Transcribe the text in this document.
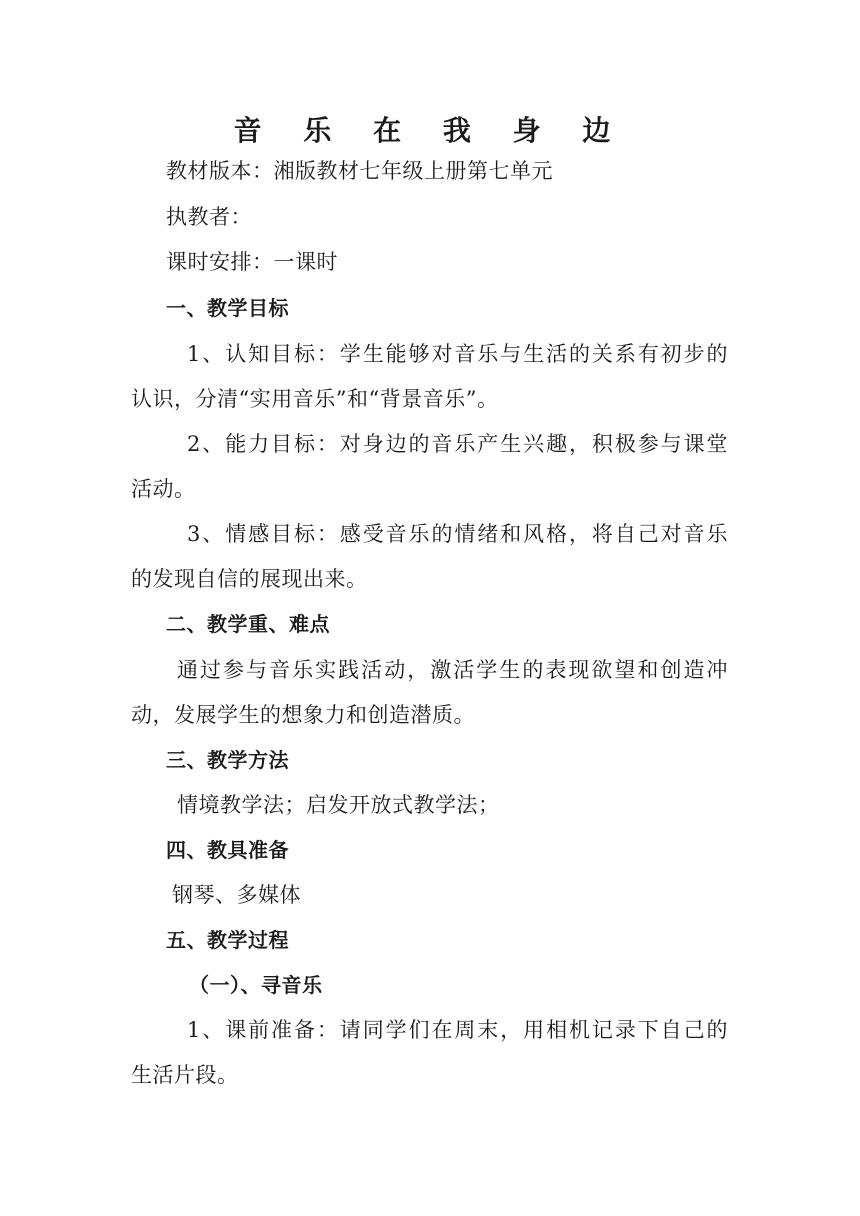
音 乐 在 我 身 边
教材版本：湘版教材七年级上册第七单元
执教者：
课时安排：一课时
一、教学目标
1、认知目标：学生能够对音乐与生活的关系有初步的
认识，分清“实用音乐”和“背景音乐”。
2、能力目标：对身边的音乐产生兴趣，积极参与课堂
活动。
3、情感目标：感受音乐的情绪和风格，将自己对音乐
的发现自信的展现出来。
二、教学重、难点
通过参与音乐实践活动，激活学生的表现欲望和创造冲
动，发展学生的想象力和创造潜质。
三、教学方法
情境教学法；启发开放式教学法；
四、教具准备
钢琴、多媒体
五、教学过程
（一）、寻音乐
1、课前准备：请同学们在周末，用相机记录下自己的
生活片段。
